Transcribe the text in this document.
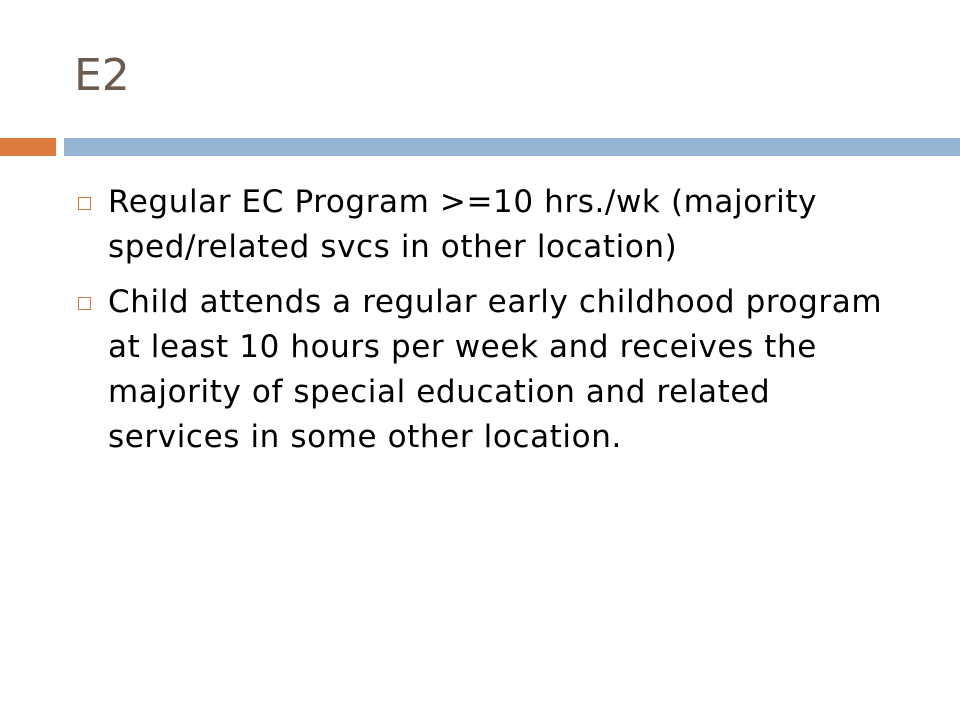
E2
Regular EC Program >=10 hrs./wk (majority sped/related svcs in other location)
Child attends a regular early childhood program at least 10 hours per week and receives the majority of special education and related services in some other location.
